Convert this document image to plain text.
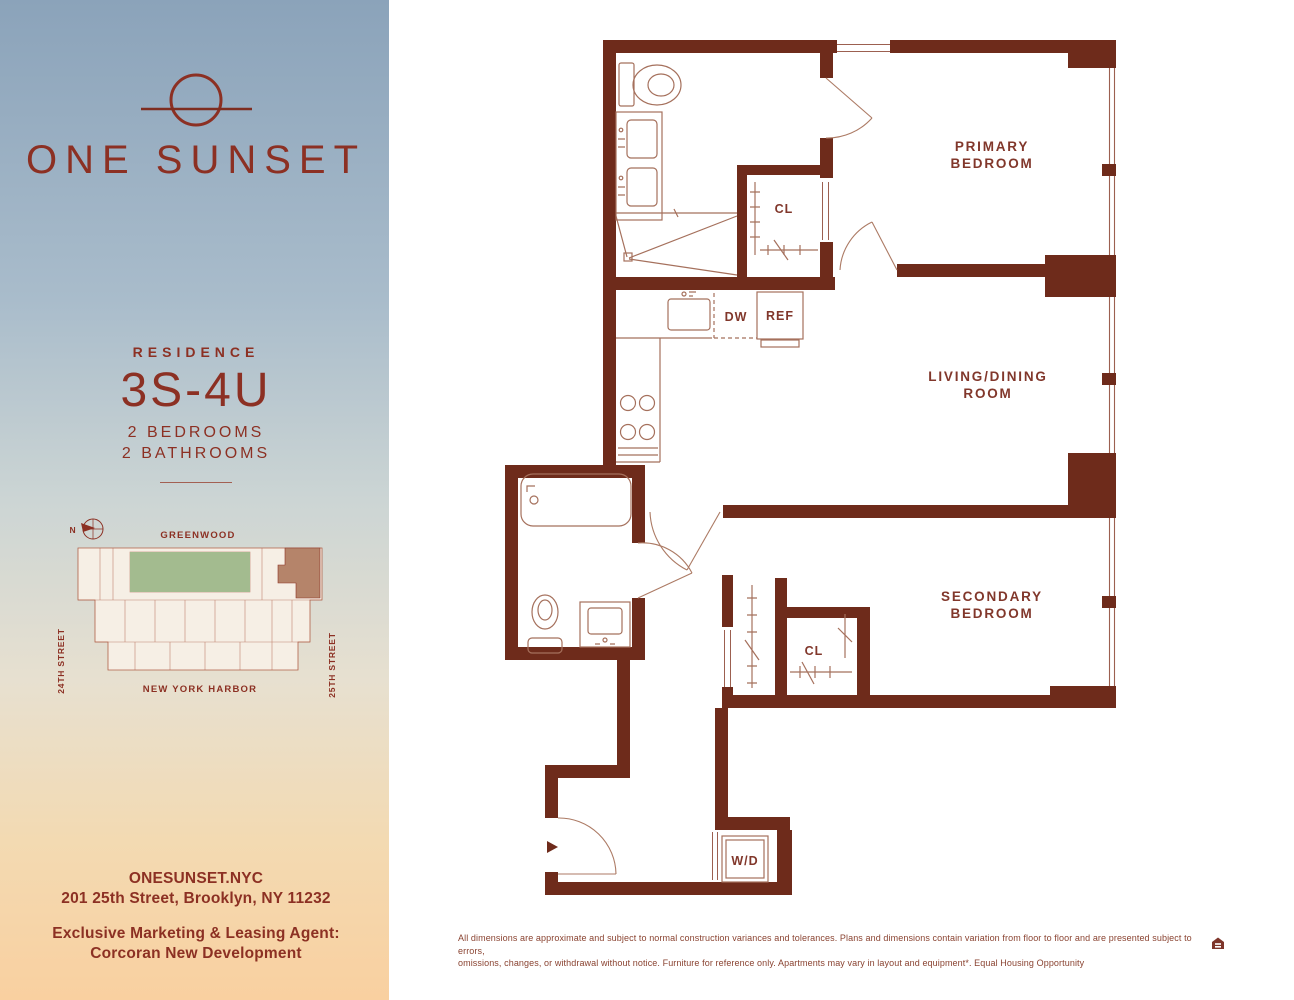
ONE SUNSET
RESIDENCE
3S-4U
2 BEDROOMS
2 BATHROOMS
N	GREENWOOD
24TH STREET	25TH STREET
NEW YORK HARBOR
ONESUNSET.NYC
201 25th Street, Brooklyn, NY 11232
Exclusive Marketing & Leasing Agent:
Corcoran New Development
PRIMARY
BEDROOM
LIVING/DINING
ROOM
SECONDARY
BEDROOM
CL
DW REF
CL
W/D
All dimensions are approximate and subject to normal construction variances and tolerances. Plans and dimensions contain variation from floor to floor and are presented subject to errors,
omissions, changes, or withdrawal without notice. Furniture for reference only. Apartments may vary in layout and equipment*. Equal Housing Opportunity
